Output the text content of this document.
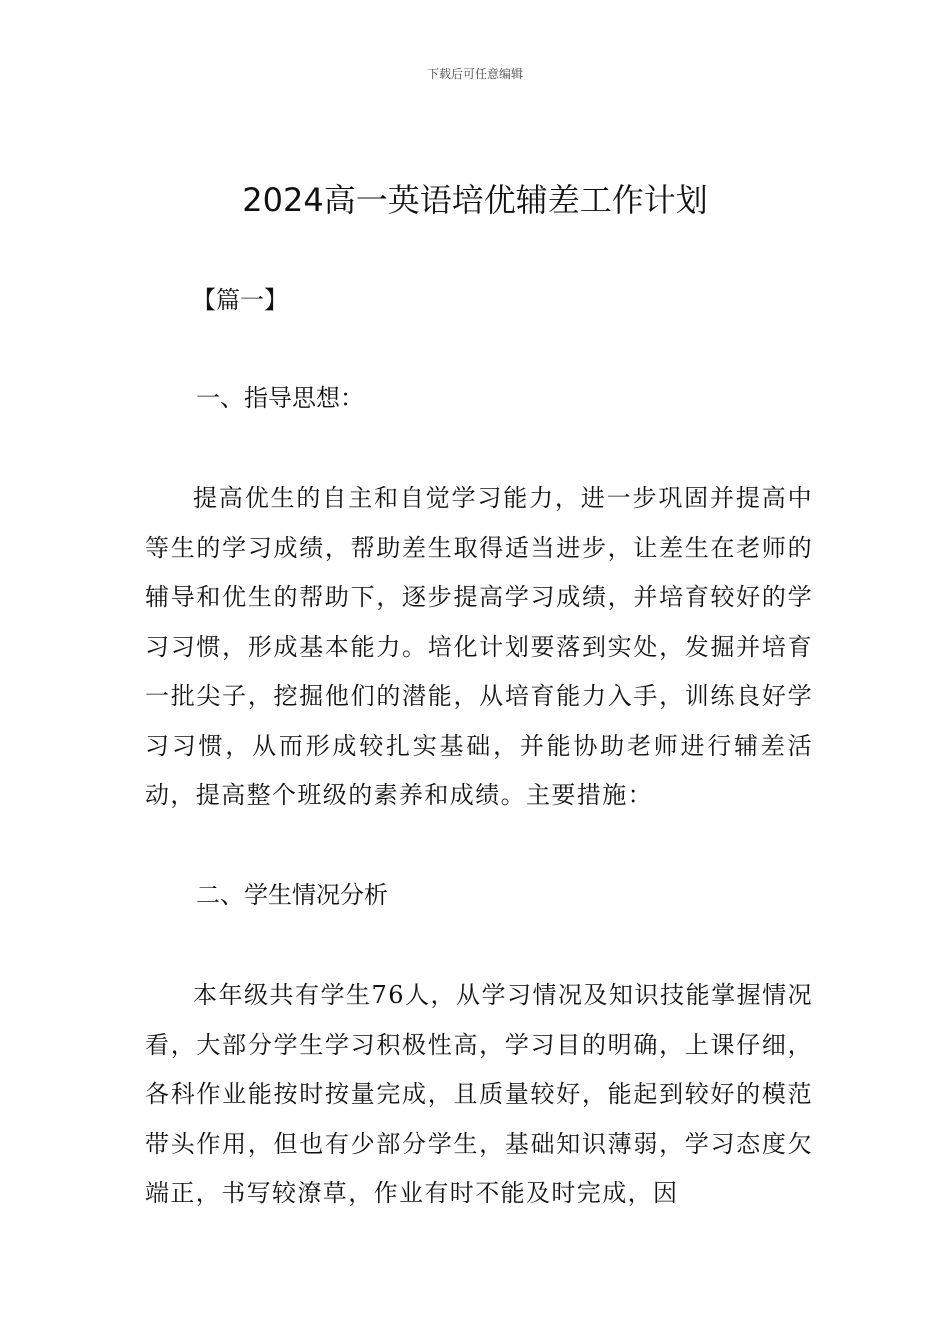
下载后可任意编辑
2024高一英语培优辅差工作计划
【篇一】
一、指导思想：

提高优生的自主和自觉学习能力，进一步巩固并提高中等生的学习成绩，帮助差生取得适当进步，让差生在老师的辅导和优生的帮助下，逐步提高学习成绩，并培育较好的学习习惯，形成基本能力。培化计划要落到实处，发掘并培育一批尖子，挖掘他们的潜能，从培育能力入手，训练良好学习习惯，从而形成较扎实基础，并能协助老师进行辅差活动，提高整个班级的素养和成绩。主要措施：

二、学生情况分析

本年级共有学生76人，从学习情况及知识技能掌握情况看，大部分学生学习积极性高，学习目的明确，上课仔细，各科作业能按时按量完成，且质量较好，能起到较好的模范带头作用，但也有少部分学生，基础知识薄弱，学习态度欠端正，书写较潦草，作业有时不能及时完成，因
